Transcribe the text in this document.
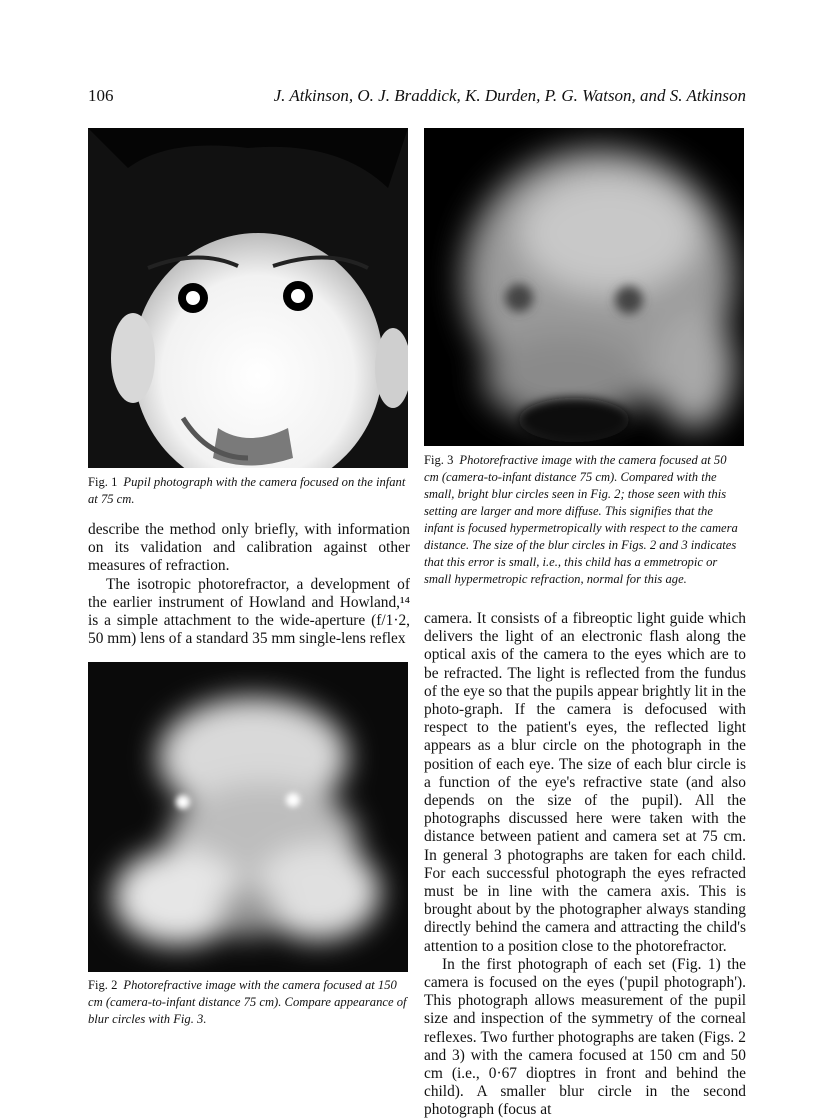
106	J. Atkinson, O. J. Braddick, K. Durden, P. G. Watson, and S. Atkinson
Fig. 1 Pupil photograph with the camera focused on the infant at 75 cm.

describe the method only briefly, with information on its validation and calibration against other measures of refraction.

The isotropic photorefractor, a development of the earlier instrument of Howland and Howland,¹⁴ is a simple attachment to the wide-aperture (f/1·2, 50 mm) lens of a standard 35 mm single-lens reflex

Fig. 2 Photorefractive image with the camera focused at 150 cm (camera-to-infant distance 75 cm). Compare appearance of blur circles with Fig. 3.
Fig. 3 Photorefractive image with the camera focused at 50 cm (camera-to-infant distance 75 cm). Compared with the small, bright blur circles seen in Fig. 2; those seen with this setting are larger and more diffuse. This signifies that the infant is focused hypermetropically with respect to the camera distance. The size of the blur circles in Figs. 2 and 3 indicates that this error is small, i.e., this child has a emmetropic or small hypermetropic refraction, normal for this age.

camera. It consists of a fibreoptic light guide which delivers the light of an electronic flash along the optical axis of the camera to the eyes which are to be refracted. The light is reflected from the fundus of the eye so that the pupils appear brightly lit in the photo-graph. If the camera is defocused with respect to the patient's eyes, the reflected light appears as a blur circle on the photograph in the position of each eye. The size of each blur circle is a function of the eye's refractive state (and also depends on the size of the pupil). All the photographs discussed here were taken with the distance between patient and camera set at 75 cm. In general 3 photographs are taken for each child. For each successful photograph the eyes refracted must be in line with the camera axis. This is brought about by the photographer always standing directly behind the camera and attracting the child's attention to a position close to the photorefractor.

In the first photograph of each set (Fig. 1) the camera is focused on the eyes ('pupil photograph'). This photograph allows measurement of the pupil size and inspection of the symmetry of the corneal reflexes. Two further photographs are taken (Figs. 2 and 3) with the camera focused at 150 cm and 50 cm (i.e., 0·67 dioptres in front and behind the child). A smaller blur circle in the second photograph (focus at
